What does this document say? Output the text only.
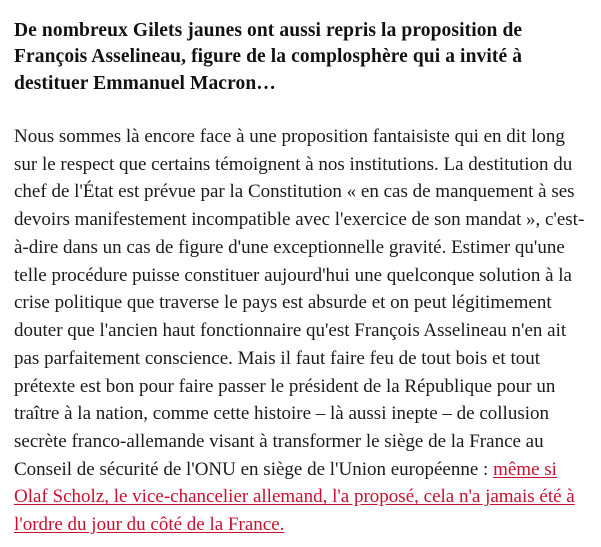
De nombreux Gilets jaunes ont aussi repris la proposition de François Asselineau, figure de la complosphère qui a invité à destituer Emmanuel Macron…

Nous sommes là encore face à une proposition fantaisiste qui en dit long sur le respect que certains témoignent à nos institutions. La destitution du chef de l'État est prévue par la Constitution « en cas de manquement à ses devoirs manifestement incompatible avec l'exercice de son mandat », c'est-à-dire dans un cas de figure d'une exceptionnelle gravité. Estimer qu'une telle procédure puisse constituer aujourd'hui une quelconque solution à la crise politique que traverse le pays est absurde et on peut légitimement douter que l'ancien haut fonctionnaire qu'est François Asselineau n'en ait pas parfaitement conscience. Mais il faut faire feu de tout bois et tout prétexte est bon pour faire passer le président de la République pour un traître à la nation, comme cette histoire – là aussi inepte – de collusion secrète franco-allemande visant à transformer le siège de la France au Conseil de sécurité de l'ONU en siège de l'Union européenne : même si Olaf Scholz, le vice-chancelier allemand, l'a proposé, cela n'a jamais été à l'ordre du jour du côté de la France.
